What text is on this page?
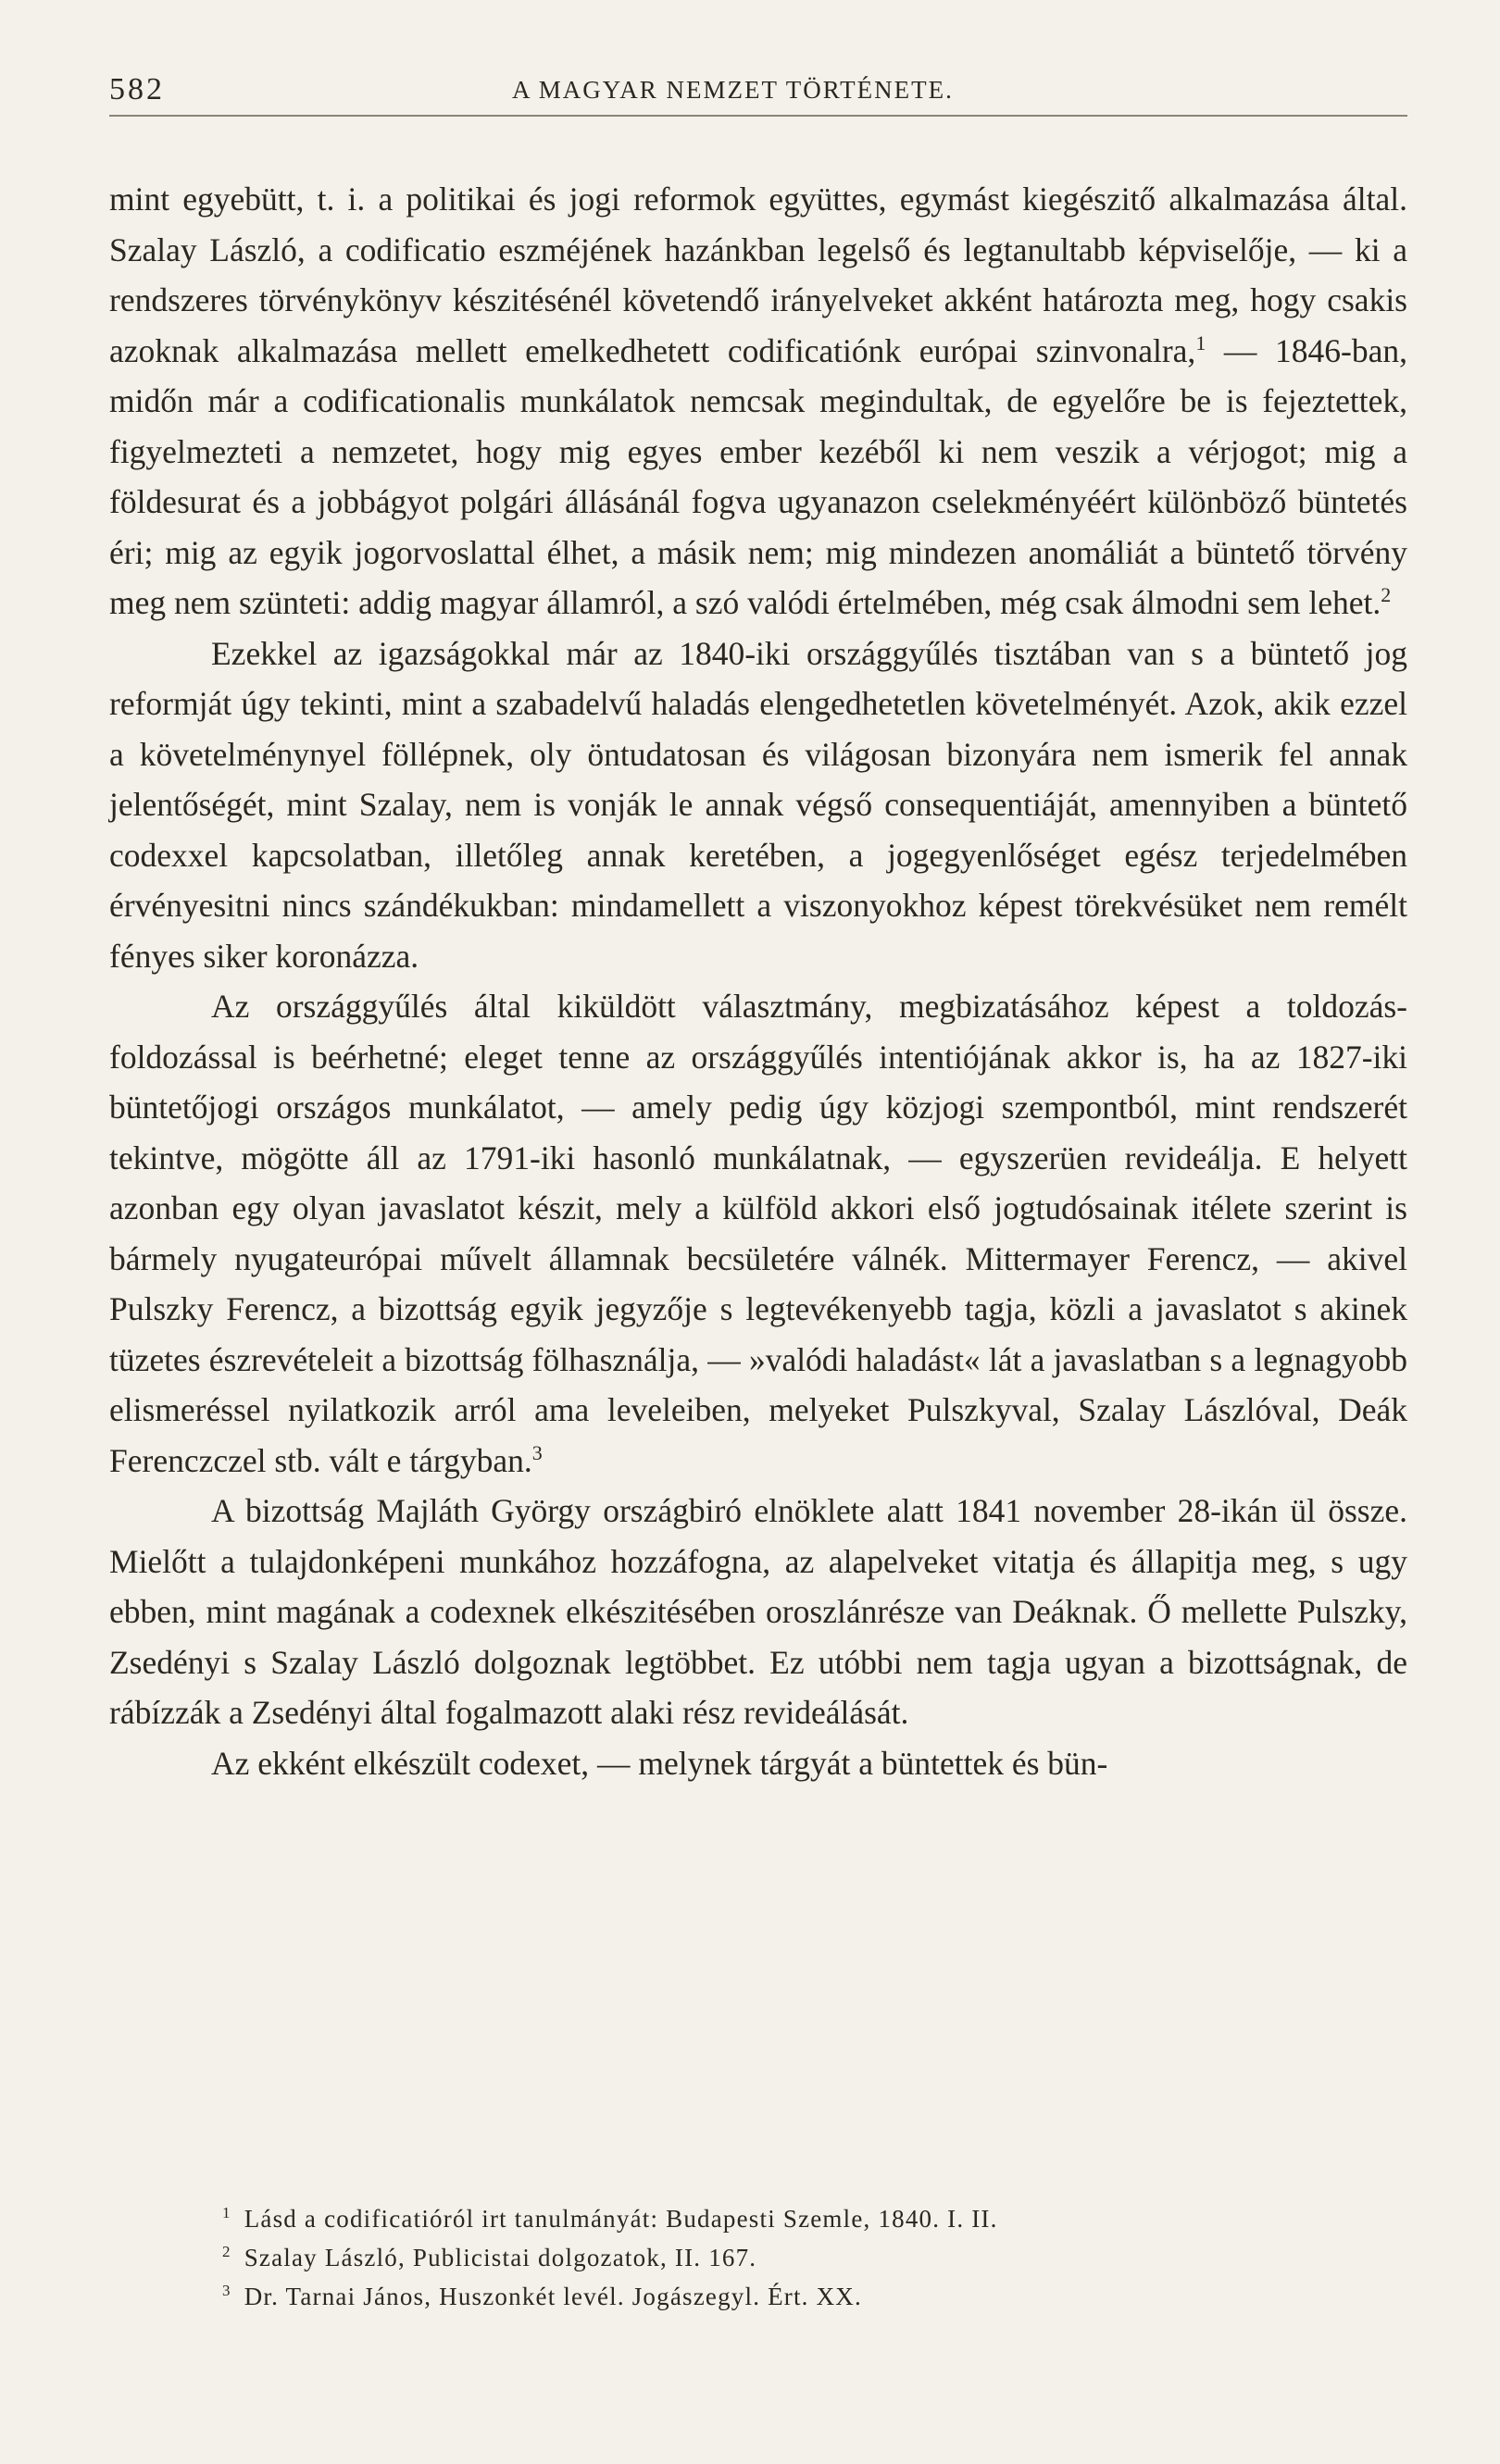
582	A MAGYAR NEMZET TÖRTÉNETE.

mint egyebütt, t. i. a politikai és jogi reformok együttes, egymást kiegészitő alkalmazása által. Szalay László, a codificatio eszméjének hazánkban legelső és legtanultabb képviselője, — ki a rendszeres törvénykönyv készitésénél követendő irányelveket akként határozta meg, hogy csakis azoknak alkalmazása mellett emelkedhetett codificatiónk európai szinvonalra,$^1$ — 1846-ban, midőn már a codificationalis munkálatok nemcsak megindultak, de egyelőre be is fejeztettek, figyelmezteti a nemzetet, hogy mig egyes ember kezéből ki nem veszik a vérjogot; mig a földesurat és a jobbágyot polgári állásánál fogva ugyanazon cselekményéért különböző büntetés éri; mig az egyik jogorvoslattal élhet, a másik nem; mig mindezen anomáliát a büntető törvény meg nem szünteti: addig magyar államról, a szó valódi értelmében, még csak álmodni sem lehet.$^2$

Ezekkel az igazságokkal már az 1840-iki országgyűlés tisztában van s a büntető jog reformját úgy tekinti, mint a szabadelvű haladás elengedhetetlen követelményét. Azok, akik ezzel a követelménynyel föllépnek, oly öntudatosan és világosan bizonyára nem ismerik fel annak jelentőségét, mint Szalay, nem is vonják le annak végső consequentiáját, amennyiben a büntető codexxel kapcsolatban, illetőleg annak keretében, a jogegyenlőséget egész terjedelmében érvényesitni nincs szándékukban: mindamellett a viszonyokhoz képest törekvésüket nem remélt fényes siker koronázza.

Az országgyűlés által kiküldött választmány, megbizatásához képest a toldozás-foldozással is beérhetné; eleget tenne az országgyűlés intentiójának akkor is, ha az 1827-iki büntetőjogi országos munkálatot, — amely pedig úgy közjogi szempontból, mint rendszerét tekintve, mögötte áll az 1791-iki hasonló munkálatnak, — egyszerüen revideálja. E helyett azonban egy olyan javaslatot készit, mely a külföld akkori első jogtudósainak itélete szerint is bármely nyugateurópai művelt államnak becsületére válnék. Mittermayer Ferencz, — akivel Pulszky Ferencz, a bizottság egyik jegyzője s legtevékenyebb tagja, közli a javaslatot s akinek tüzetes észrevételeit a bizottság fölhasználja, — »valódi haladást« lát a javaslatban s a legnagyobb elismeréssel nyilatkozik arról ama leveleiben, melyeket Pulszkyval, Szalay Lászlóval, Deák Ferenczczel stb. vált e tárgyban.$^3$

A bizottság Majláth György országbiró elnöklete alatt 1841 november 28-ikán ül össze. Mielőtt a tulajdonképeni munkához hozzáfogna, az alapelveket vitatja és állapitja meg, s ugy ebben, mint magának a codexnek elkészitésében oroszlánrésze van Deáknak. Ő mellette Pulszky, Zsedényi s Szalay László dolgoznak legtöbbet. Ez utóbbi nem tagja ugyan a bizottságnak, de rábízzák a Zsedényi által fogalmazott alaki rész revideálását.

Az ekként elkészült codexet, — melynek tárgyát a büntettek és bün-

$^1$ Lásd a codificatióról irt tanulmányát: Budapesti Szemle, 1840. I. II.

$^2$ Szalay László, Publicistai dolgozatok, II. 167.

$^3$ Dr. Tarnai János, Huszonkét levél. Jogászegyl. Ért. XX.
